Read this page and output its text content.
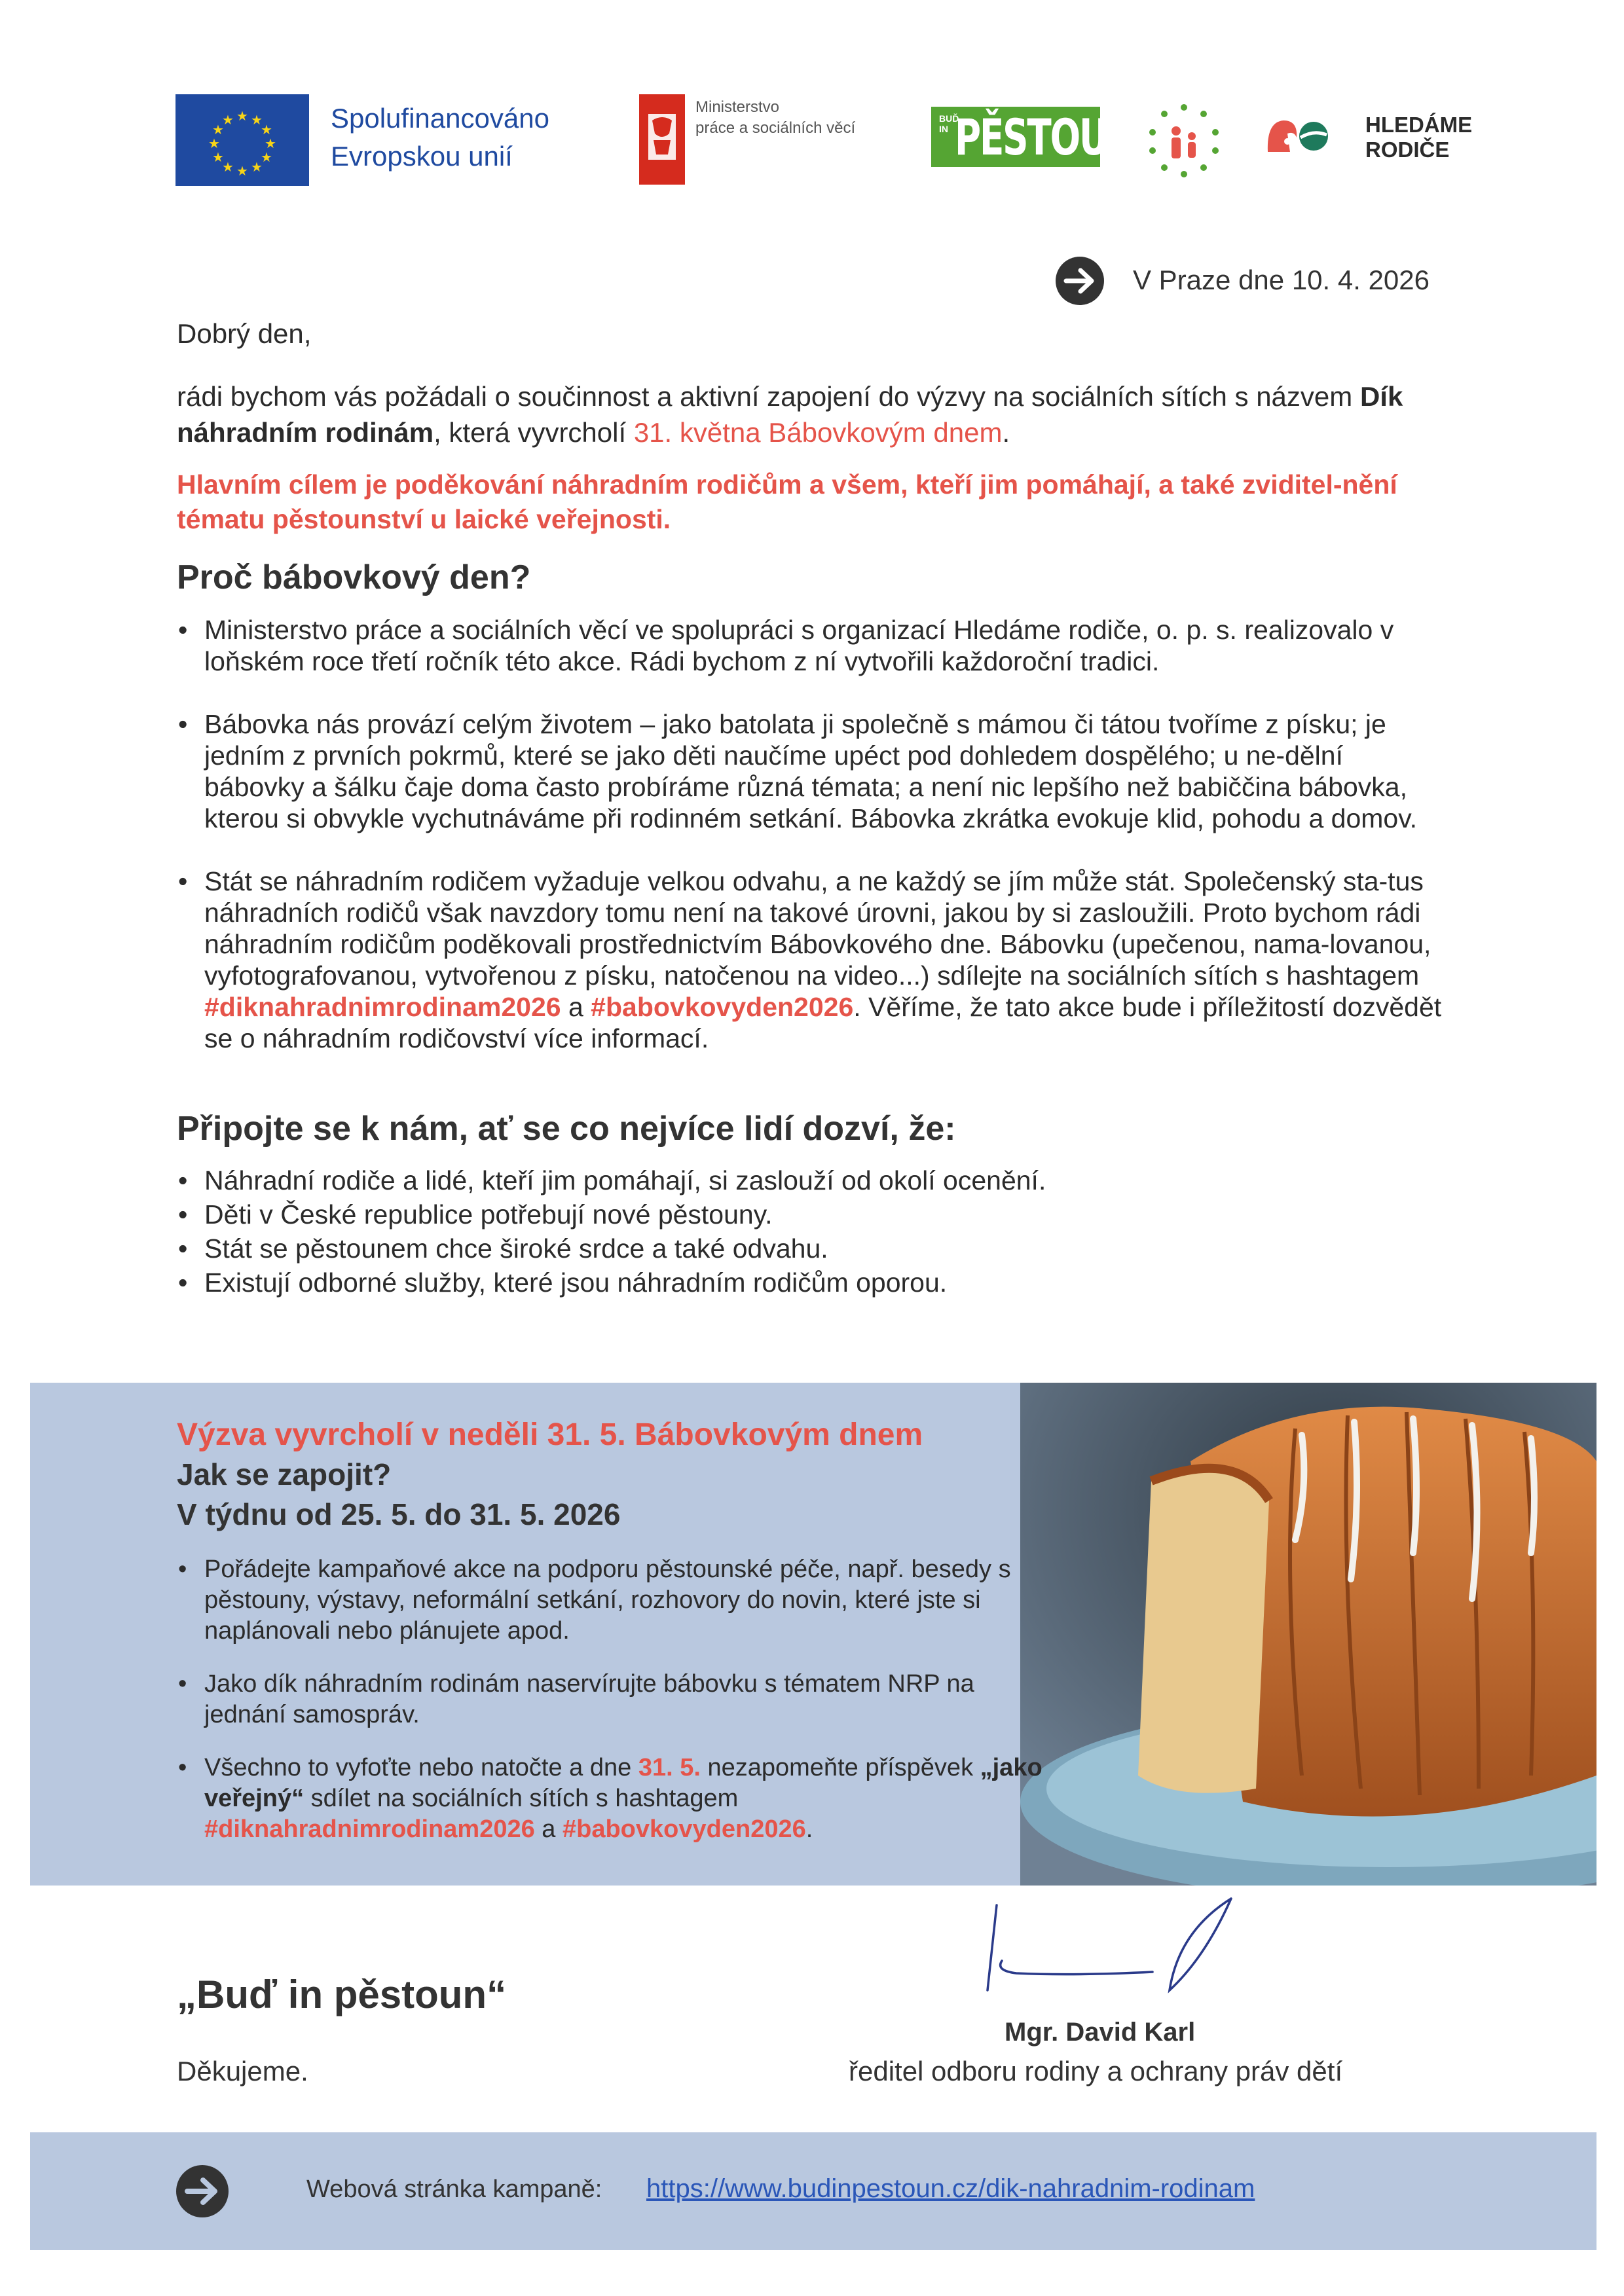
★ ★
★
★
★
★
★
★
★
★
★
★	Spolufinancováno
Evropskou unií
Ministerstvo
práce a sociálních věcí
BUĎ IN PĚSTOUN	HLEDÁME
RODIČE
V Praze dne 10. 4. 2026
Dobrý den,
rádi bychom vás požádali o součinnost a aktivní zapojení do výzvy na sociálních sítích s názvem Dík náhradním rodinám, která vyvrcholí 31. května Bábovkovým dnem.
Hlavním cílem je poděkování náhradním rodičům a všem, kteří jim pomáhají, a také zviditel-nění tématu pěstounství u laické veřejnosti.
Proč bábovkový den?
• Ministerstvo práce a sociálních věcí ve spolupráci s organizací Hledáme rodiče, o. p. s. realizovalo v loňském roce třetí ročník této akce. Rádi bychom z ní vytvořili každoroční tradici.
• Bábovka nás provází celým životem – jako batolata ji společně s mámou či tátou tvoříme z písku; je jedním z prvních pokrmů, které se jako děti naučíme upéct pod dohledem dospělého; u ne-dělní bábovky a šálku čaje doma často probíráme různá témata; a není nic lepšího než babiččina bábovka, kterou si obvykle vychutnáváme při rodinném setkání. Bábovka zkrátka evokuje klid, pohodu a domov.
• Stát se náhradním rodičem vyžaduje velkou odvahu, a ne každý se jím může stát. Společenský sta-tus náhradních rodičů však navzdory tomu není na takové úrovni, jakou by si zasloužili. Proto bychom rádi náhradním rodičům poděkovali prostřednictvím Bábovkového dne. Bábovku (upečenou, nama-lovanou, vyfotografovanou, vytvořenou z písku, natočenou na video...) sdílejte na sociálních sítích s hashtagem #diknahradnimrodinam2026 a #babovkovyden2026. Věříme, že tato akce bude i příležitostí dozvědět se o náhradním rodičovství více informací.
Připojte se k nám, ať se co nejvíce lidí dozví, že:
• Náhradní rodiče a lidé, kteří jim pomáhají, si zaslouží od okolí ocenění.
• Děti v České republice potřebují nové pěstouny.
• Stát se pěstounem chce široké srdce a také odvahu.
• Existují odborné služby, které jsou náhradním rodičům oporou.
Výzva vyvrcholí v neděli 31. 5. Bábovkovým dnem
Jak se zapojit?
V týdnu od 25. 5. do 31. 5. 2026
• Pořádejte kampaňové akce na podporu pěstounské péče, např. besedy s pěstouny, výstavy, neformální setkání, rozhovory do novin, které jste si naplánovali nebo plánujete apod.
• Jako dík náhradním rodinám naservírujte bábovku s tématem NRP na jednání samospráv.
• Všechno to vyfoťte nebo natočte a dne 31. 5. nezapomeňte příspěvek „jako veřejný“ sdílet na sociálních sítích s hashtagem #diknahradnimrodinam2026 a #babovkovyden2026.
„Buď in pěstoun“
Děkujeme.
Mgr. David Karl
ředitel odboru rodiny a ochrany práv dětí
Webová stránka kampaně: https://www.budinpestoun.cz/dik-nahradnim-rodinam
